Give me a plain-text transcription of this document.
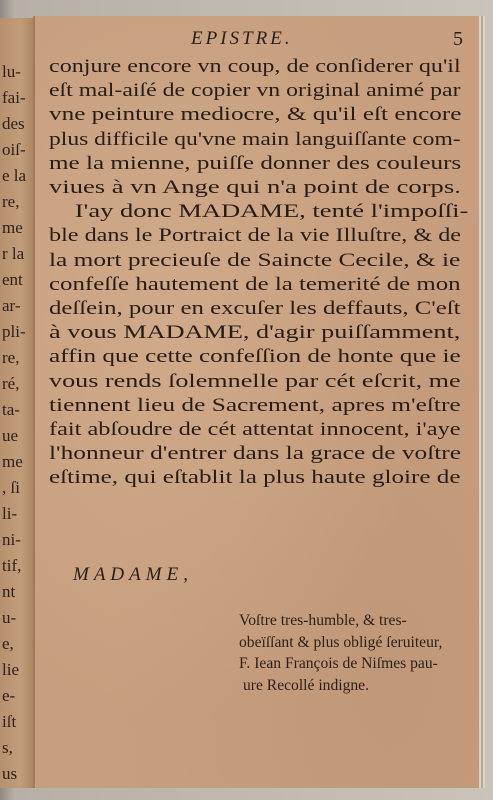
lu-
fai-
des
oiſ-
e la
re,
me
r la
ent
ar-
pli-
re,
ré,
ta-
ue
me
, ſi
li-
ni-
tif,
nt
u-
e,
lie
e-
iſt
s,
us
EPISTRE.	5
conjure encore vn coup, de conſiderer qu'il
eſt mal-aiſé de copier vn original animé par
vne peinture mediocre, & qu'il eſt encore
plus difficile qu'vne main languiſſante com-
me la mienne, puiſſe donner des couleurs
viues à vn Ange qui n'a point de corps.
I'ay donc MADAME, tenté l'impoſſi-
ble dans le Portraict de la vie Illuſtre, & de
la mort precieuſe de Saincte Cecile, & ie
confeſſe hautement de la temerité de mon
deſſein, pour en excuſer les deffauts, C'eſt
à vous MADAME, d'agir puiſſamment,
affin que cette confeſſion de honte que ie
vous rends ſolemnelle par cét eſcrit, me
tiennent lieu de Sacrement, apres m'eſtre
fait abſoudre de cét attentat innocent, i'aye
l'honneur d'entrer dans la grace de voſtre
eſtime, qui eſtablit la plus haute gloire de
MADAME,
Voſtre tres-humble, & tres-
obeïſſant & plus obligé ſeruiteur,
F. Iean François de Niſmes pau-
ure Recollé indigne.
